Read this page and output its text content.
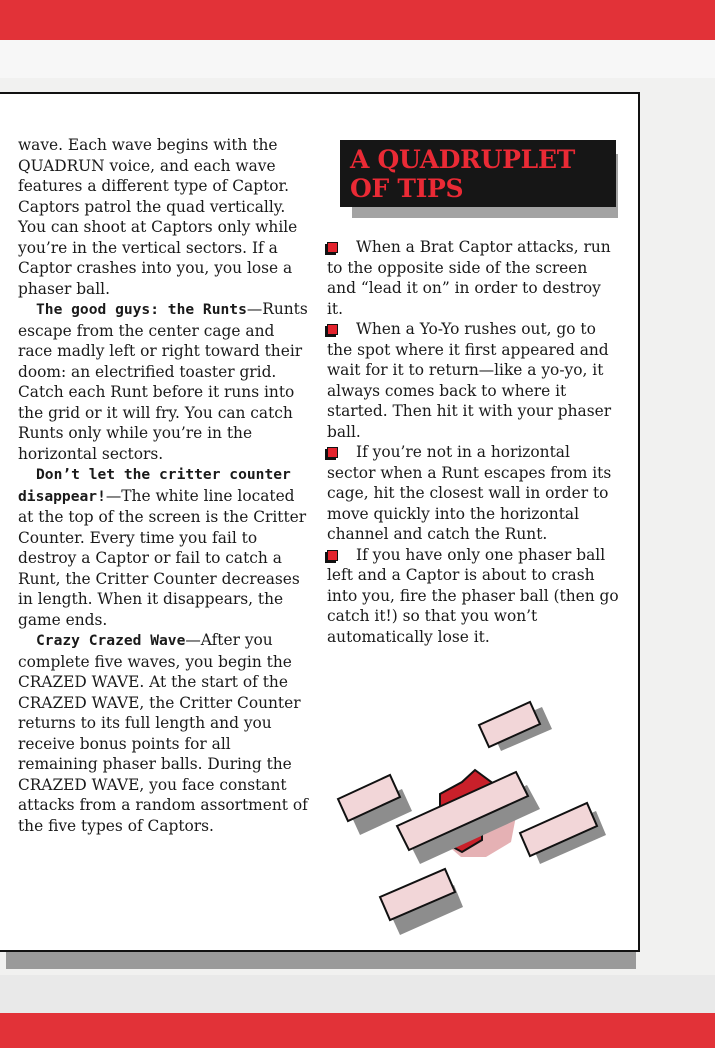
wave. Each wave begins with the QUADRUN voice, and each wave features a different type of Captor. Captors patrol the quad vertically. You can shoot at Captors only while you’re in the vertical sectors. If a Captor crashes into you, you lose a phaser ball.

The good guys: the Runts—Runts escape from the center cage and race madly left or right toward their doom: an electrified toaster grid. Catch each Runt before it runs into the grid or it will fry. You can catch Runts only while you’re in the horizontal sectors.

Don’t let the critter counter disappear!—The white line located at the top of the screen is the Critter Counter. Every time you fail to destroy a Captor or fail to catch a Runt, the Critter Counter decreases in length. When it disappears, the game ends.

Crazy Crazed Wave—After you complete five waves, you begin the CRAZED WAVE. At the start of the CRAZED WAVE, the Critter Counter returns to its full length and you receive bonus points for all remaining phaser balls. During the CRAZED WAVE, you face constant attacks from a random assortment of the five types of Captors.

A QUADRUPLET
OF TIPS

When a Brat Captor attacks, run to the opposite side of the screen and “lead it on” in order to destroy it.

When a Yo-Yo rushes out, go to the spot where it first appeared and wait for it to return—like a yo-yo, it always comes back to where it started. Then hit it with your phaser ball.

If you’re not in a horizontal sector when a Runt escapes from its cage, hit the closest wall in order to move quickly into the horizontal channel and catch the Runt.

If you have only one phaser ball left and a Captor is about to crash into you, fire the phaser ball (then go catch it!) so that you won’t automatically lose it.
